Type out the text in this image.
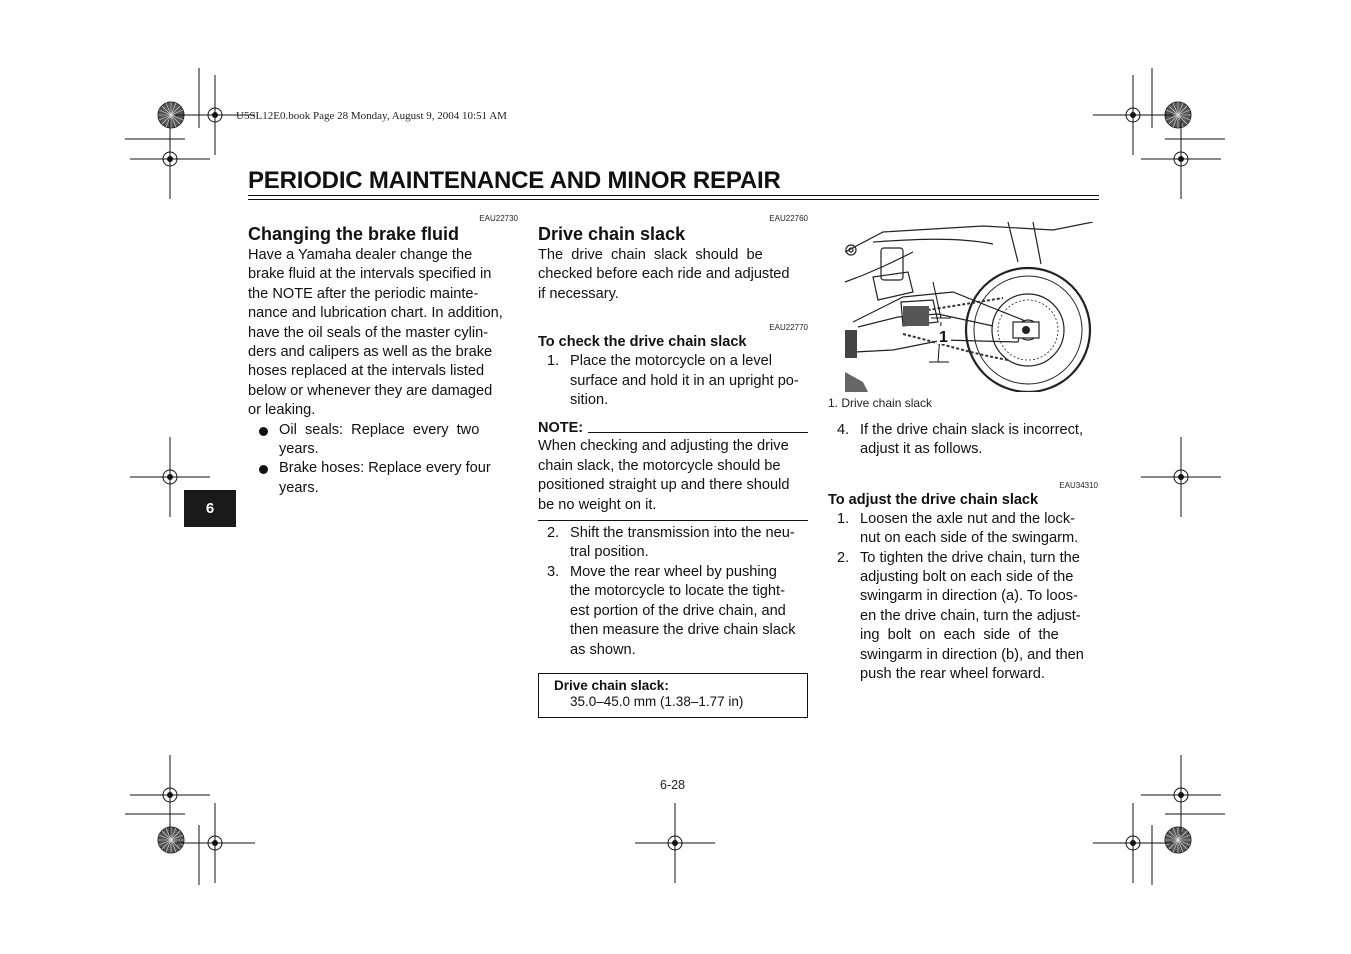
U5SL12E0.book Page 28 Monday, August 9, 2004 10:51 AM
PERIODIC MAINTENANCE AND MINOR REPAIR
6
EAU22730
Changing the brake fluid
Have a Yamaha dealer change the
brake fluid at the intervals specified in
the NOTE after the periodic mainte-
nance and lubrication chart. In addition,
have the oil seals of the master cylin-
ders and calipers as well as the brake
hoses replaced at the intervals listed
below or whenever they are damaged
or leaking.
Oil  seals:  Replace  every  two
years.
Brake hoses: Replace every four
years.
EAU22760
Drive chain slack
The  drive  chain  slack  should  be
checked before each ride and adjusted
if necessary.
EAU22770
To check the drive chain slack
1. Place the motorcycle on a level
surface and hold it in an upright po-
sition.
NOTE:
When checking and adjusting the drive
chain slack, the motorcycle should be
positioned straight up and there should
be no weight on it.
2. Shift the transmission into the neu-
tral position.
3. Move the rear wheel by pushing
the motorcycle to locate the tight-
est portion of the drive chain, and
then measure the drive chain slack
as shown.
Drive chain slack:
35.0–45.0 mm (1.38–1.77 in)
1
1. Drive chain slack
4. If the drive chain slack is incorrect,
adjust it as follows.
EAU34310
To adjust the drive chain slack
1. Loosen the axle nut and the lock-
nut on each side of the swingarm.
2. To tighten the drive chain, turn the
adjusting bolt on each side of the
swingarm in direction (a). To loos-
en the drive chain, turn the adjust-
ing  bolt  on  each  side  of  the
swingarm in direction (b), and then
push the rear wheel forward.
6-28
